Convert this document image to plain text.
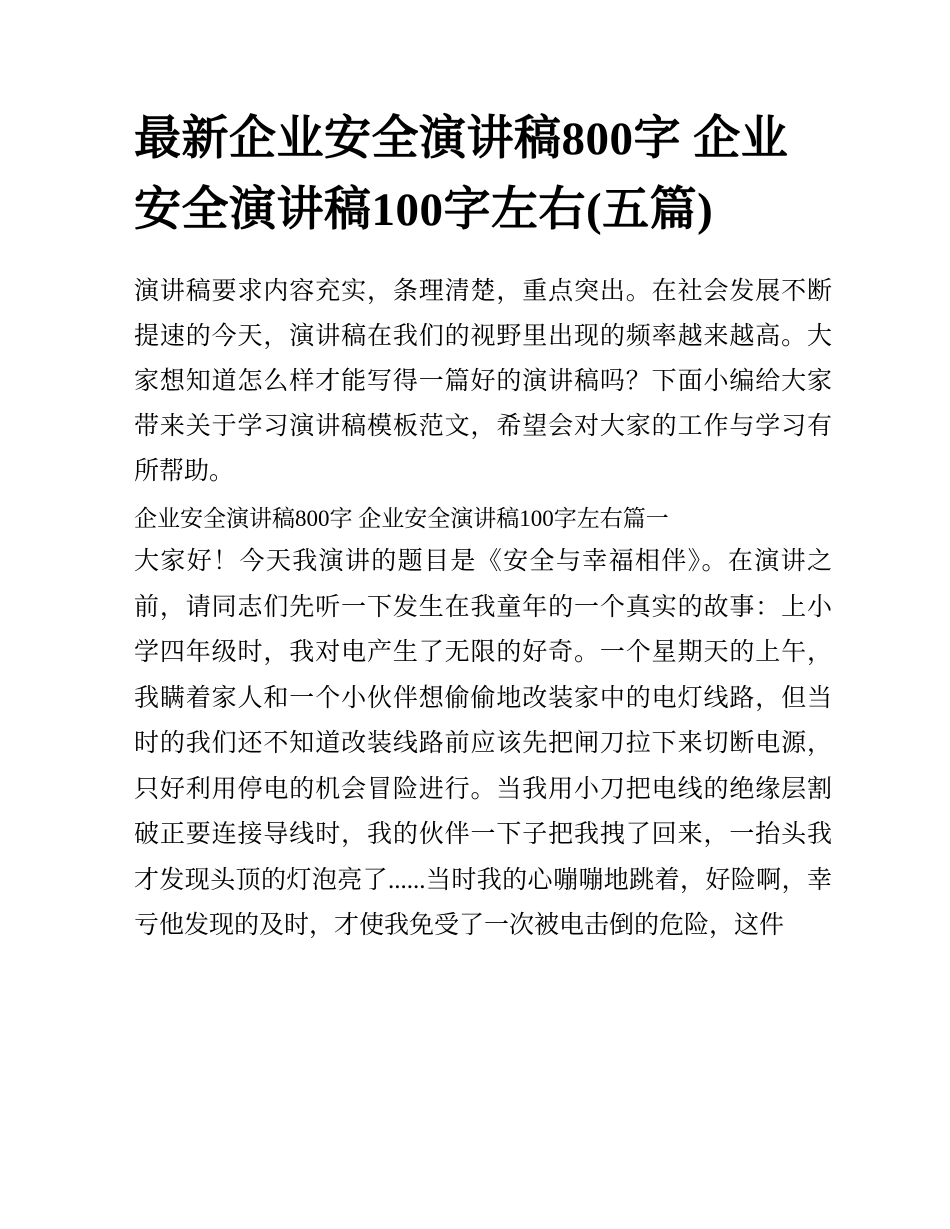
最新企业安全演讲稿800字 企业安全演讲稿100字左右(五篇)

演讲稿要求内容充实，条理清楚，重点突出。在社会发展不断提速的今天，演讲稿在我们的视野里出现的频率越来越高。大家想知道怎么样才能写得一篇好的演讲稿吗？下面小编给大家带来关于学习演讲稿模板范文，希望会对大家的工作与学习有所帮助。

企业安全演讲稿800字 企业安全演讲稿100字左右篇一

大家好！今天我演讲的题目是《安全与幸福相伴》。在演讲之前，请同志们先听一下发生在我童年的一个真实的故事：上小学四年级时，我对电产生了无限的好奇。一个星期天的上午，我瞒着家人和一个小伙伴想偷偷地改装家中的电灯线路，但当时的我们还不知道改装线路前应该先把闸刀拉下来切断电源，只好利用停电的机会冒险进行。当我用小刀把电线的绝缘层割破正要连接导线时，我的伙伴一下子把我拽了回来，一抬头我才发现头顶的灯泡亮了......当时我的心嘣嘣地跳着，好险啊，幸亏他发现的及时，才使我免受了一次被电击倒的危险，这件
